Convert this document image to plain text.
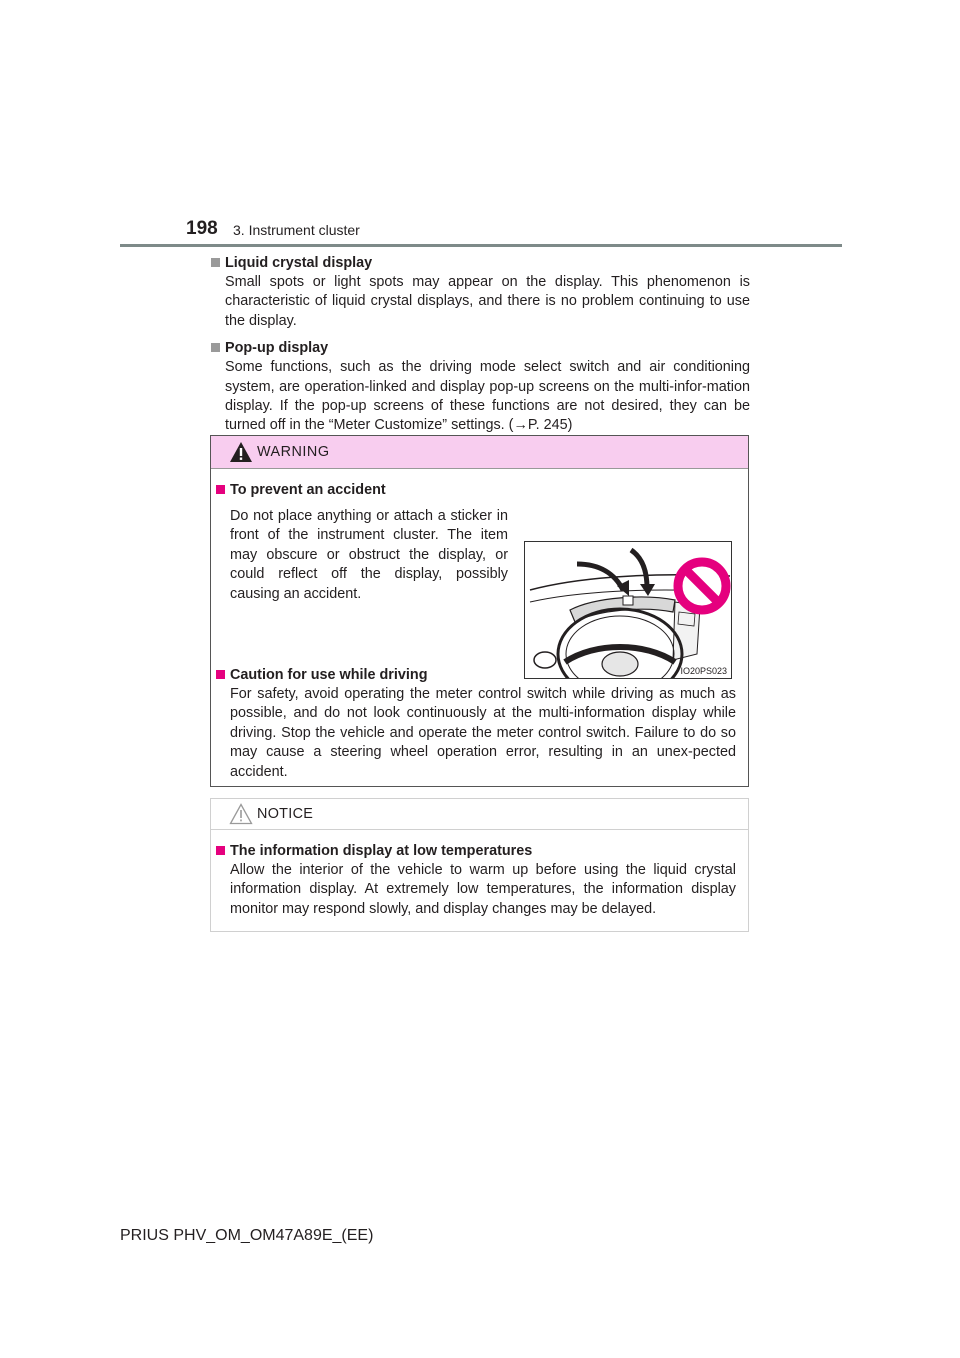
198 3. Instrument cluster
Liquid crystal display
Small spots or light spots may appear on the display. This phenomenon is characteristic of liquid crystal displays, and there is no problem continuing to use the display.
Pop-up display
Some functions, such as the driving mode select switch and air conditioning system, are operation-linked and display pop-up screens on the multi-infor-mation display. If the pop-up screens of these functions are not desired, they can be turned off in the “Meter Customize” settings. (→P. 245)
WARNING
To prevent an accident
Do not place anything or attach a sticker in front of the instrument cluster. The item may obscure or obstruct the display, or could reflect off the display, possibly causing an accident.
Caution for use while driving
For safety, avoid operating the meter control switch while driving as much as possible, and do not look continuously at the multi-information display while driving. Stop the vehicle and operate the meter control switch. Failure to do so may cause a steering wheel operation error, resulting in an unex-pected accident.
IO20PS023
NOTICE
The information display at low temperatures
Allow the interior of the vehicle to warm up before using the liquid crystal information display. At extremely low temperatures, the information display monitor may respond slowly, and display changes may be delayed.
PRIUS PHV_OM_OM47A89E_(EE)
